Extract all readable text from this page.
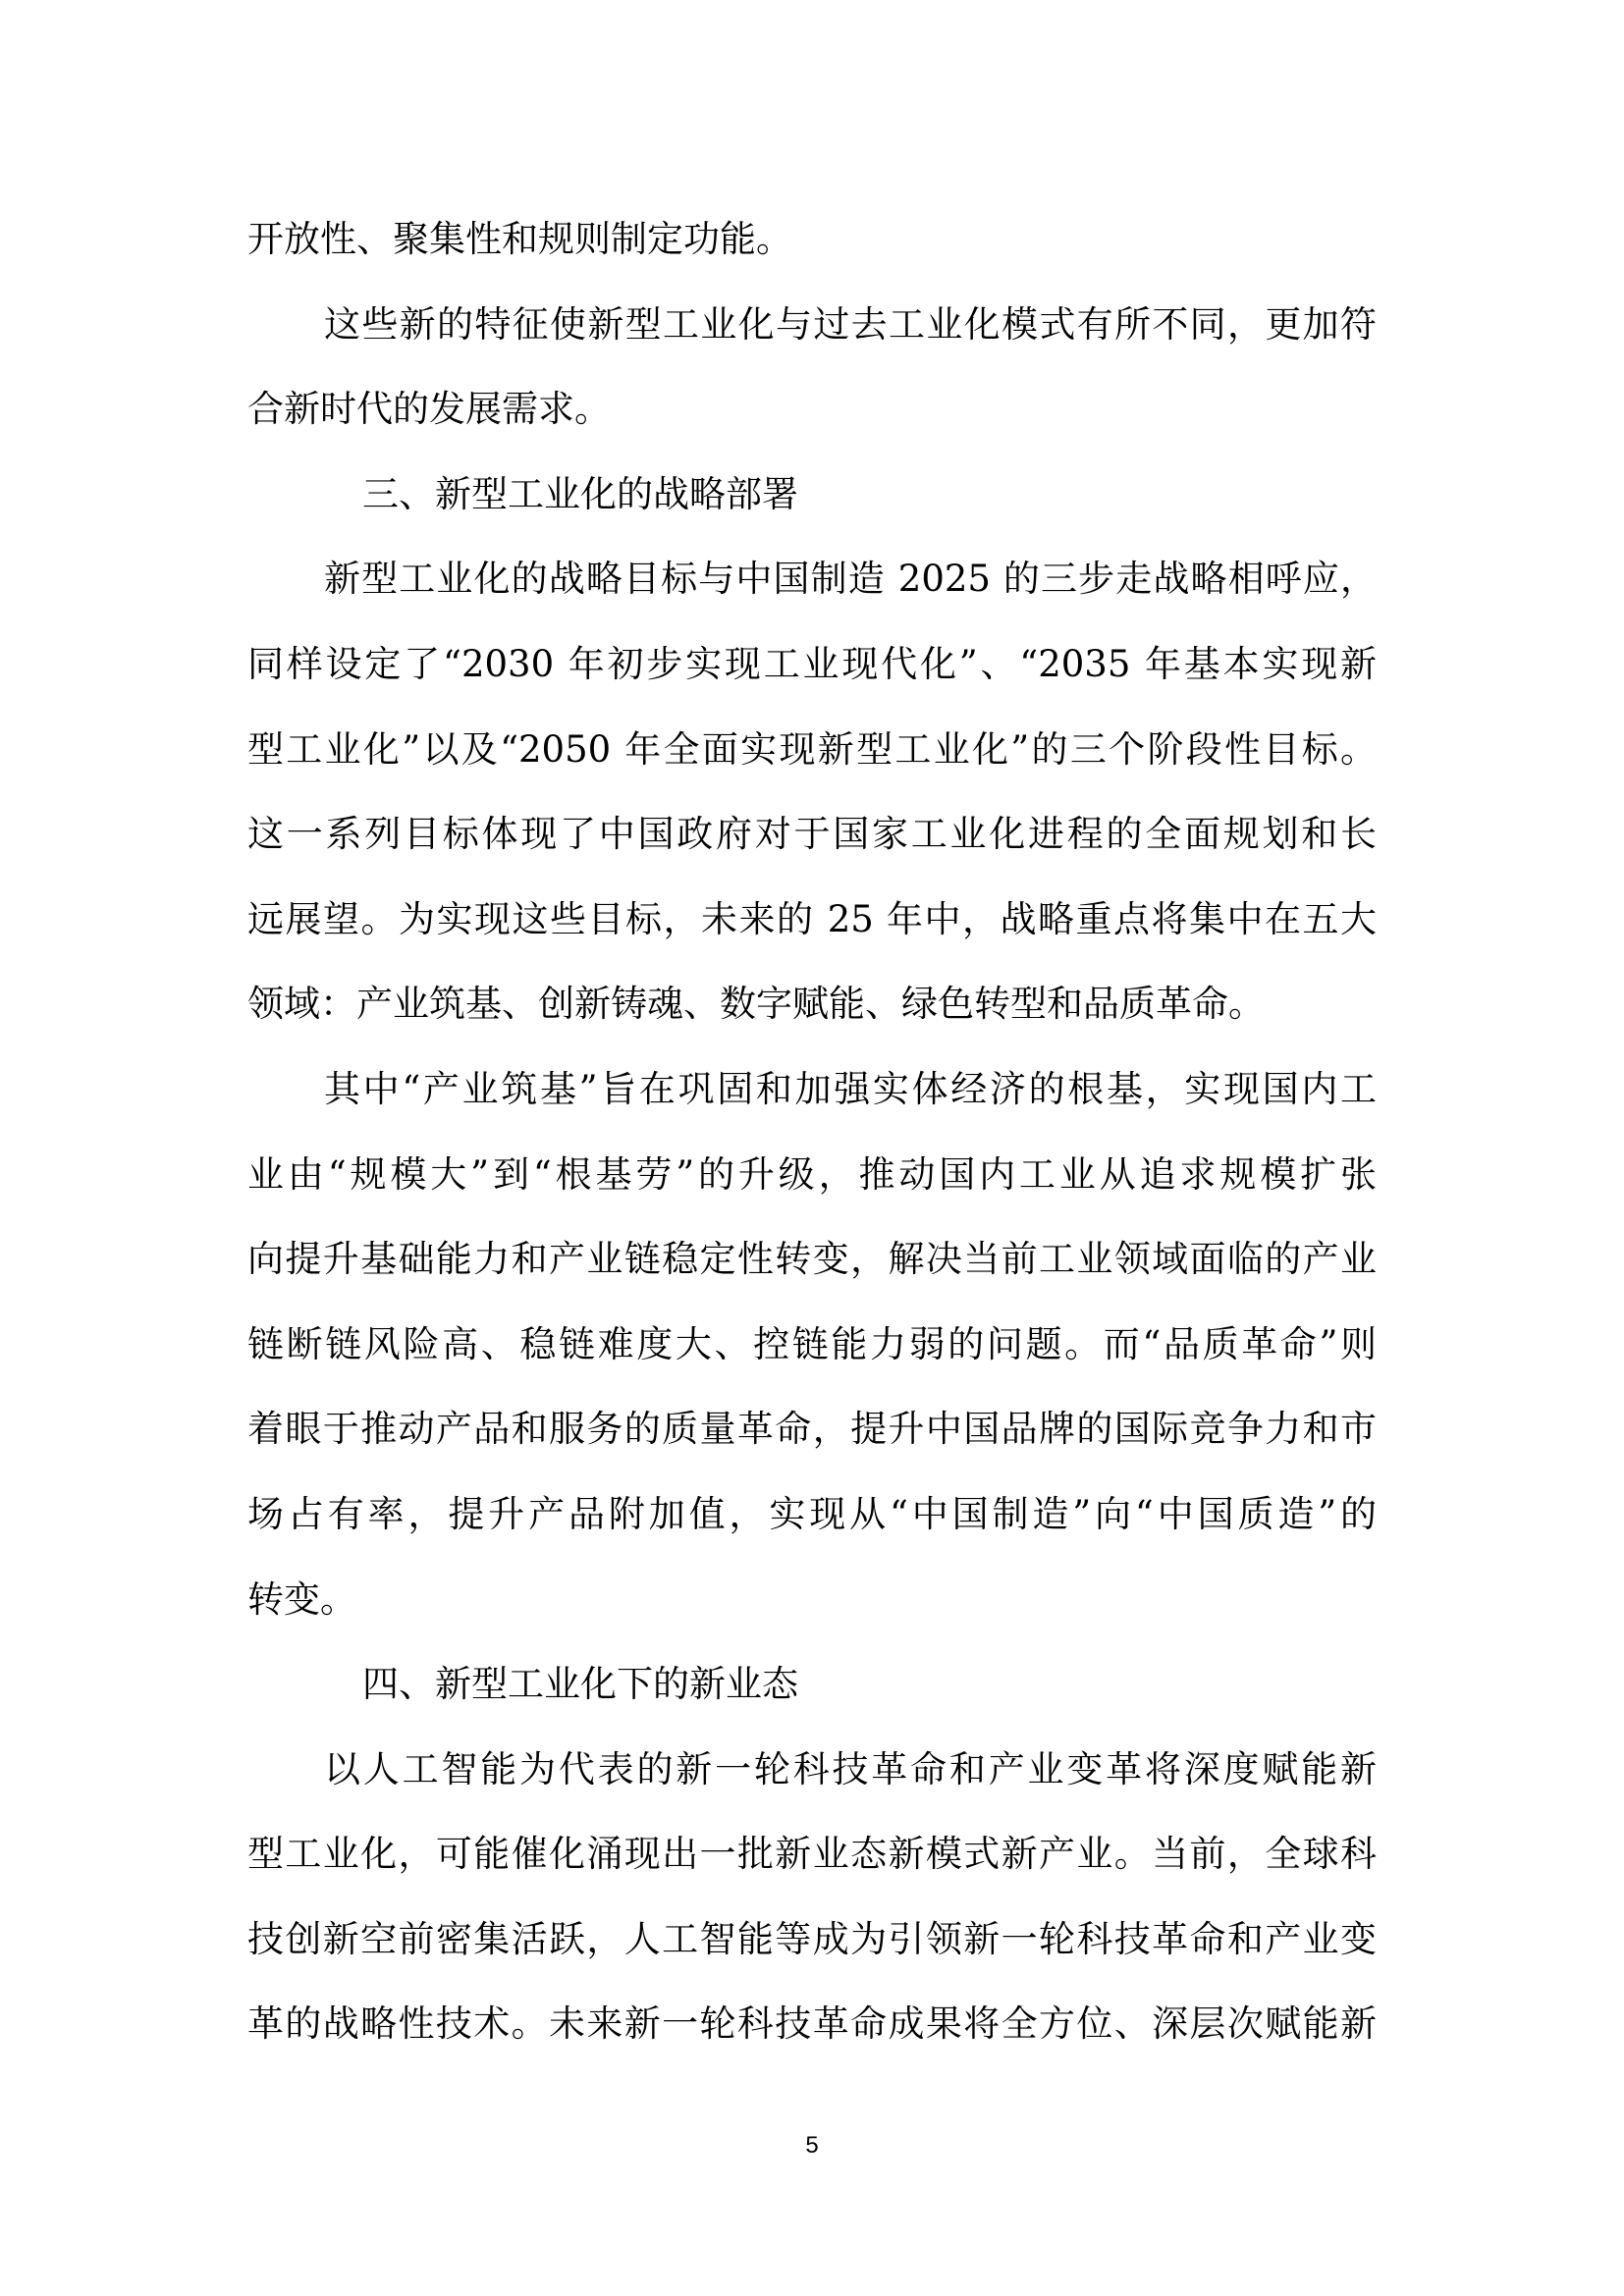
开放性、聚集性和规则制定功能。
这些新的特征使新型工业化与过去工业化模式有所不同，更加符
合新时代的发展需求。
三、新型工业化的战略部署
新型工业化的战略目标与中国制造 2025 的三步走战略相呼应，
同样设定了“2030 年初步实现工业现代化”、“2035 年基本实现新
型工业化”以及“2050 年全面实现新型工业化”的三个阶段性目标。
这一系列目标体现了中国政府对于国家工业化进程的全面规划和长
远展望。为实现这些目标，未来的 25 年中，战略重点将集中在五大
领域：产业筑基、创新铸魂、数字赋能、绿色转型和品质革命。
其中“产业筑基”旨在巩固和加强实体经济的根基，实现国内工
业由“规模大”到“根基劳”的升级，推动国内工业从追求规模扩张
向提升基础能力和产业链稳定性转变，解决当前工业领域面临的产业
链断链风险高、稳链难度大、控链能力弱的问题。而“品质革命”则
着眼于推动产品和服务的质量革命，提升中国品牌的国际竞争力和市
场占有率，提升产品附加值，实现从“中国制造”向“中国质造”的
转变。
四、新型工业化下的新业态
以人工智能为代表的新一轮科技革命和产业变革将深度赋能新
型工业化，可能催化涌现出一批新业态新模式新产业。当前，全球科
技创新空前密集活跃，人工智能等成为引领新一轮科技革命和产业变
革的战略性技术。未来新一轮科技革命成果将全方位、深层次赋能新
5
